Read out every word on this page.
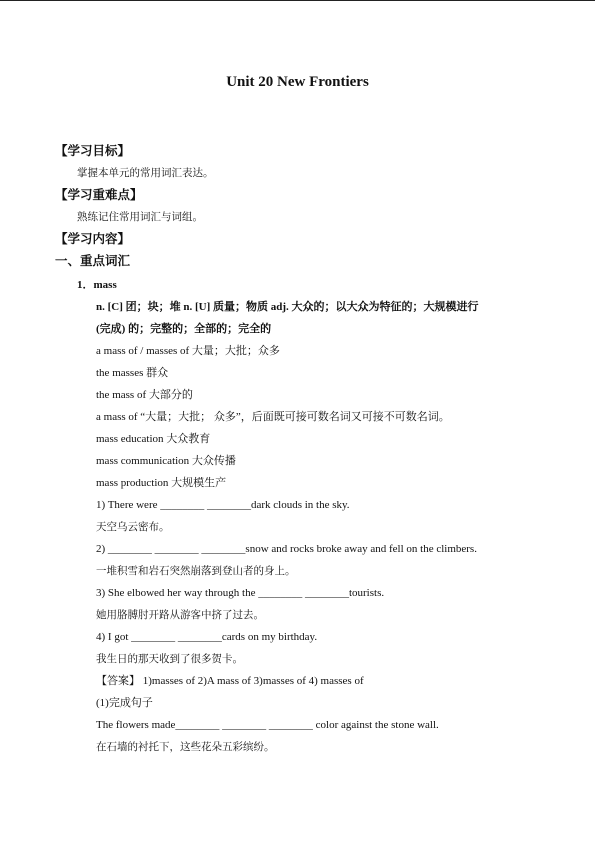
Unit 20 New Frontiers
【学习目标】
掌握本单元的常用词汇表达。
【学习重难点】
熟练记住常用词汇与词组。
【学习内容】
一、重点词汇
1．mass
n. [C] 团；块；堆 n. [U] 质量；物质 adj. 大众的；以大众为特征的；大规模进行
(完成) 的；完整的；全部的；完全的
a mass of / masses of 大量；大批；众多
the masses 群众
the mass of 大部分的
a mass of “大量；大批； 众多”，后面既可接可数名词又可接不可数名词。
mass education 大众教育
mass communication 大众传播
mass production 大规模生产
1) There were ________ ________dark clouds in the sky.
天空乌云密布。
2) ________ ________ ________snow and rocks broke away and fell on the climbers.
一堆积雪和岩石突然崩落到登山者的身上。
3) She elbowed her way through the ________ ________tourists.
她用胳膊肘开路从游客中挤了过去。
4) I got ________ ________cards on my birthday.
我生日的那天收到了很多贺卡。
【答案】 1)masses of 2)A mass of 3)masses of 4) masses of
(1)完成句子
The flowers made________ ________ ________ color against the stone wall.
在石墙的衬托下，这些花朵五彩缤纷。
